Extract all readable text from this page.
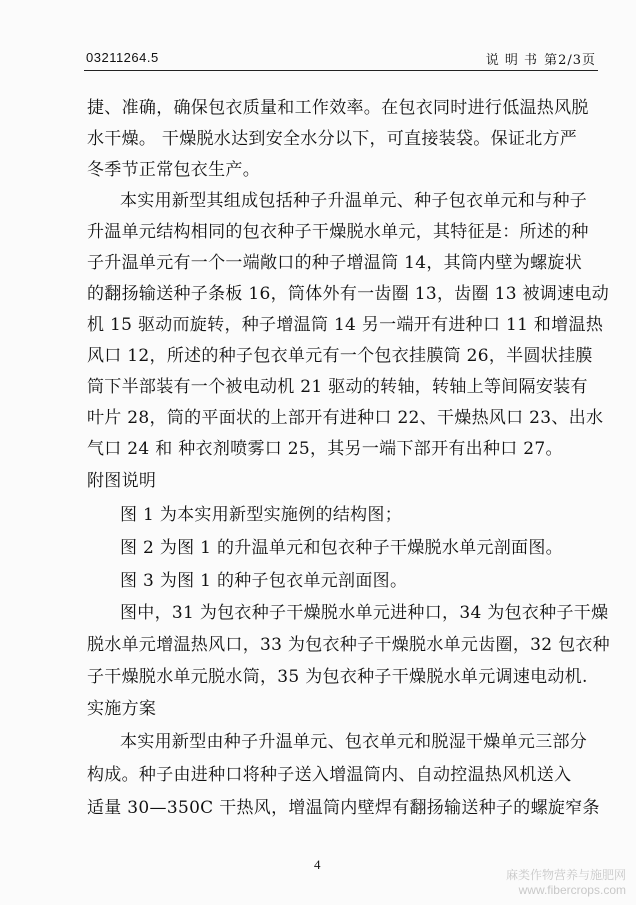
03211264.5	说 明 书 第2/3页
捷、准确，确保包衣质量和工作效率。在包衣同时进行低温热风脱
水干燥。 干燥脱水达到安全水分以下，可直接装袋。保证北方严
冬季节正常包衣生产。
本实用新型其组成包括种子升温单元、种子包衣单元和与种子
升温单元结构相同的包衣种子干燥脱水单元，其特征是：所述的种
子升温单元有一个一端敞口的种子增温筒 14，其筒内壁为螺旋状
的翻扬输送种子条板 16，筒体外有一齿圈 13，齿圈 13 被调速电动
机 15 驱动而旋转，种子增温筒 14 另一端开有进种口 11 和增温热
风口 12，所述的种子包衣单元有一个包衣挂膜筒 26，半圆状挂膜
筒下半部装有一个被电动机 21 驱动的转轴，转轴上等间隔安装有
叶片 28，筒的平面状的上部开有进种口 22、干燥热风口 23、出水
气口 24 和 种衣剂喷雾口 25，其另一端下部开有出种口 27。
附图说明
图 1 为本实用新型实施例的结构图；
图 2 为图 1 的升温单元和包衣种子干燥脱水单元剖面图。
图 3 为图 1 的种子包衣单元剖面图。
图中，31 为包衣种子干燥脱水单元进种口，34 为包衣种子干燥
脱水单元增温热风口，33 为包衣种子干燥脱水单元齿圈，32 包衣种
子干燥脱水单元脱水筒，35 为包衣种子干燥脱水单元调速电动机.
实施方案
本实用新型由种子升温单元、包衣单元和脱湿干燥单元三部分
构成。种子由进种口将种子送入增温筒内、自动控温热风机送入
适量 30—350C 干热风，增温筒内壁焊有翻扬输送种子的螺旋窄条
4
麻类作物营养与施肥网
www.fibercrops.com
